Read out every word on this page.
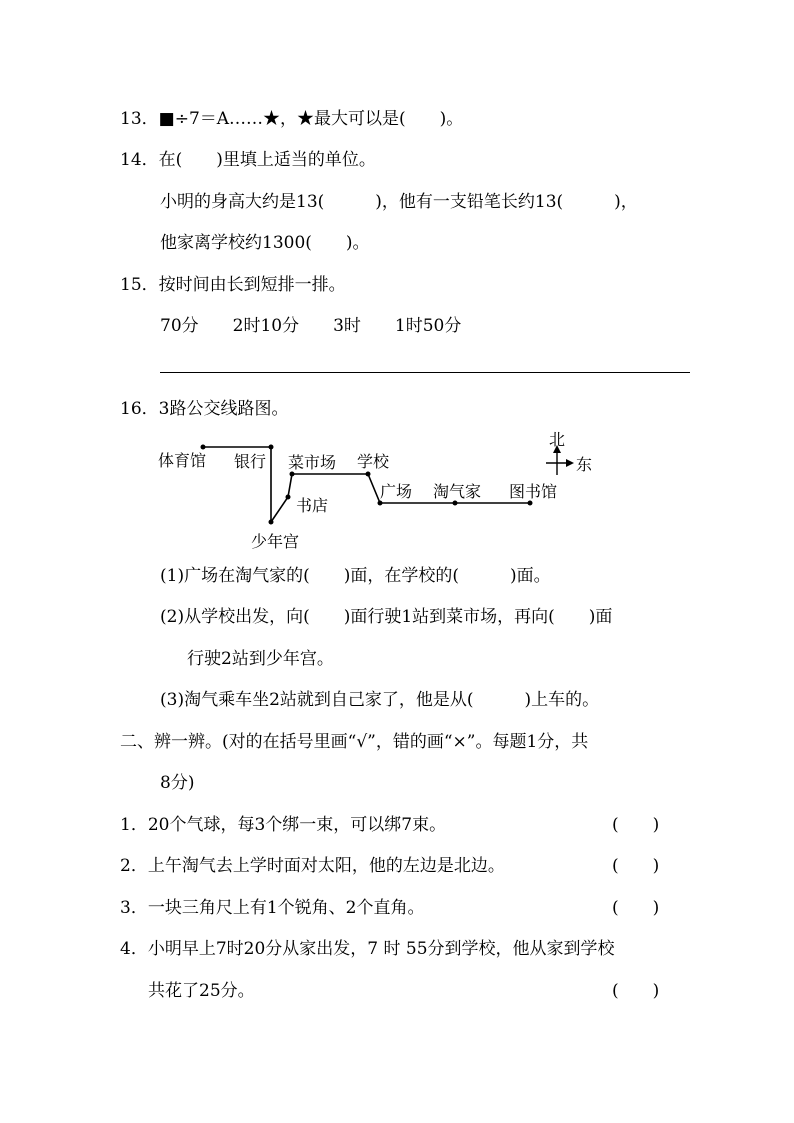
13．■÷7＝A……★，★最大可以是(　　)。
14．在(　　)里填上适当的单位。
小明的身高大约是13(　　　)，他有一支铅笔长约13(　　　)，
他家离学校约1300(　　)。
15．按时间由长到短排一排。
70分　　2时10分　　3时　　1时50分
16．3路公交线路图。
体育馆 银行
少年宫
书店
菜市场 学校
广场 淘气家 图书馆
北
东
(1)广场在淘气家的(　　)面，在学校的(　　　)面。
(2)从学校出发，向(　　)面行驶1站到菜市场，再向(　　)面
行驶2站到少年宫。
(3)淘气乘车坐2站就到自己家了，他是从(　　　)上车的。
二、辨一辨。(对的在括号里画“√”，错的画“×”。每题1分，共
8分)
1．20个气球，每3个绑一束，可以绑7束。	(　　)
2．上午淘气去上学时面对太阳，他的左边是北边。	(　　)
3．一块三角尺上有1个锐角、2个直角。	(　　)
4．小明早上7时20分从家出发，7 时 55分到学校，他从家到学校
共花了25分。	(　　)
